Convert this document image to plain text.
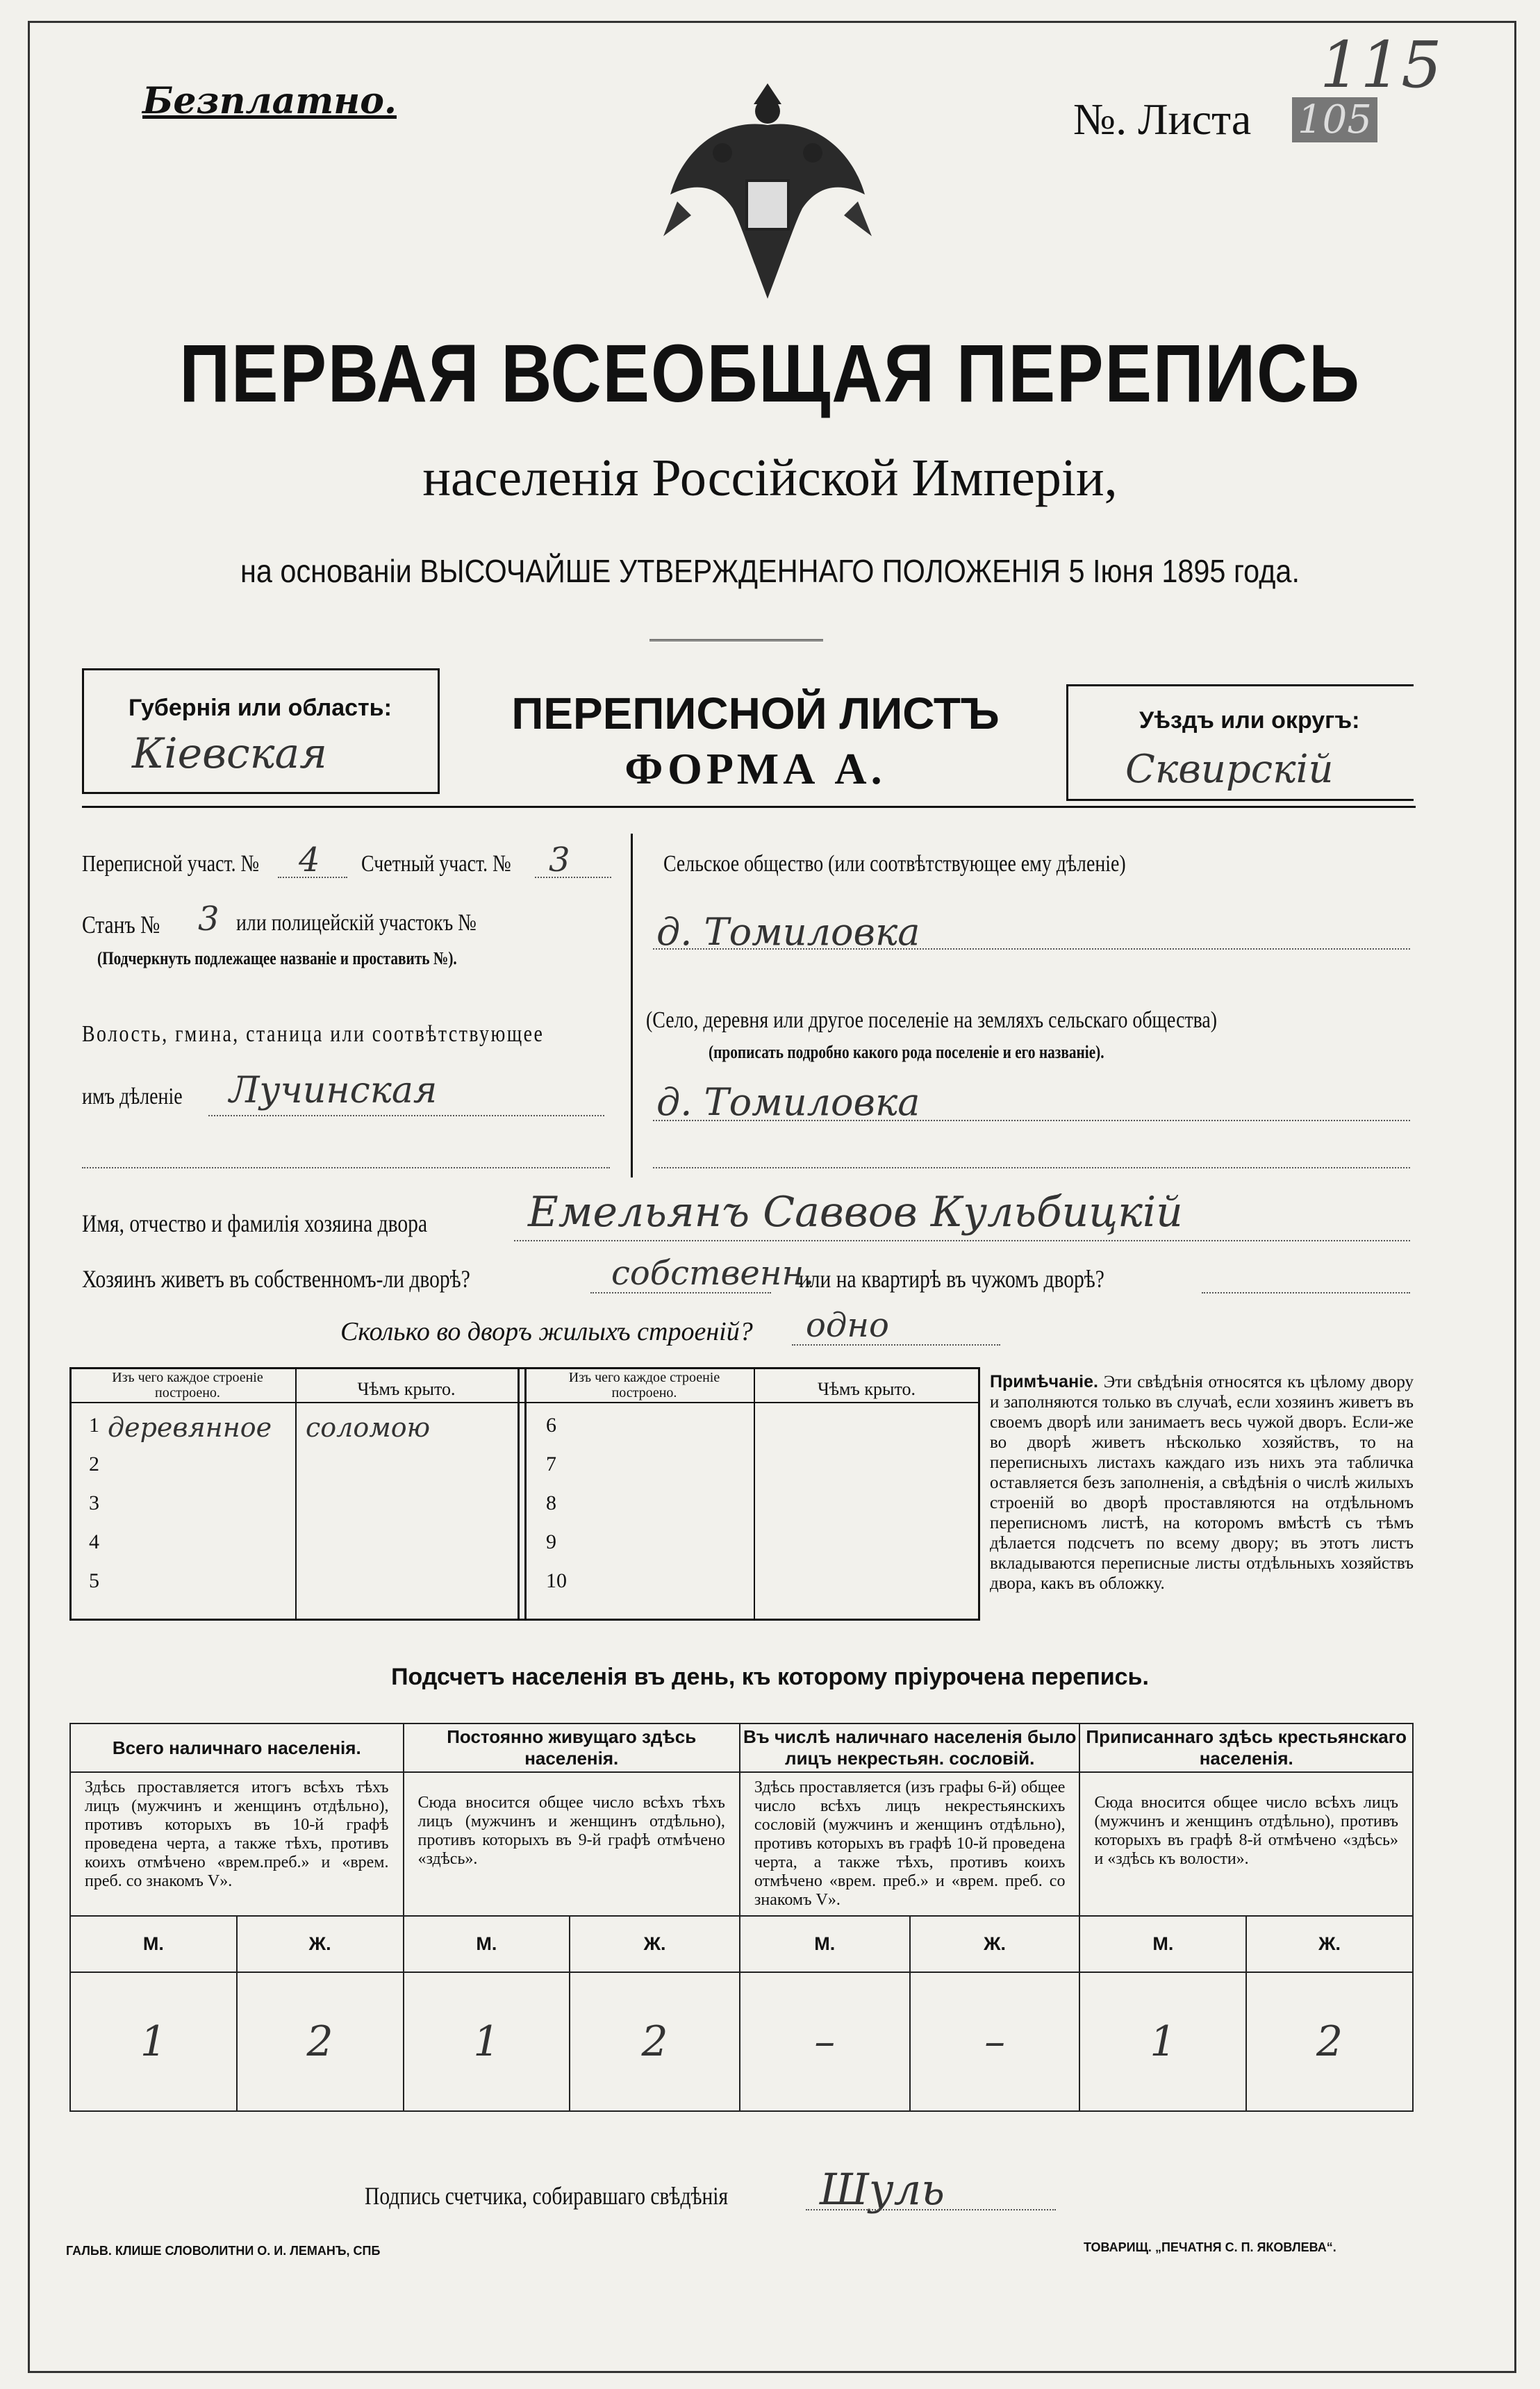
Безплатно.	№. Листа 105
115
ПЕРВАЯ ВСЕОБЩАЯ ПЕРЕПИСЬ
населенія Россійской Имперіи,
на основаніи ВЫСОЧАЙШЕ УТВЕРЖДЕННАГО ПОЛОЖЕНІЯ 5 Іюня 1895 года.
Губернія или область:
Кіевская
ПЕРЕПИСНОЙ ЛИСТЪ
ФОРМА А.
Уѣздъ или округъ:
Сквирскій
Переписной участ. № 4 Счетный участ. № 3
Станъ № 3 или полицейскій участокъ №
(Подчеркнуть подлежащее названіе и проставить №).
Волость, гмина, станица или соотвѣтствующее
имъ дѣленіе Лучинская
Сельское общество (или соотвѣтствующее ему дѣленіе)
д. Томиловка
(Село, деревня или другое поселеніе на земляхъ сельскаго общества)
(прописать подробно какого рода поселеніе и его названіе).
д. Томиловка
Имя, отчество и фамилія хозяина двора Емельянъ Саввов Кульбицкій
Хозяинъ живетъ въ собственномъ-ли дворѣ?	собственн.
или на квартирѣ въ чужомъ дворѣ?
Сколько во дворъ жилыхъ строеній? одно
Изъ чего каждое строеніе построено.	Чѣмъ крыто.
Изъ чего каждое строеніе построено.	Чѣмъ крыто.
1 деревянное соломою
2
3
4
5
6
7
8
9
10
Примѣчаніе. Эти свѣдѣнія относятся къ цѣлому двору и заполняются только въ случаѣ, если хозяинъ живетъ въ своемъ дворѣ или занимаетъ весь чужой дворъ. Если-же во дворѣ живетъ нѣсколько хозяйствъ, то на переписныхъ листахъ каждаго изъ нихъ эта табличка оставляется безъ заполненія, а свѣдѣнія о числѣ жилыхъ строеній во дворѣ проставляются на отдѣльномъ переписномъ листѣ, на которомъ вмѣстѣ съ тѣмъ дѣлается подсчетъ по всему двору; въ этотъ листъ вкладываются переписные листы отдѣльныхъ хозяйствъ двора, какъ въ обложку.
Подсчетъ населенія въ день, къ которому пріурочена перепись.
Всего наличнаго населенія.		Постоянно живущаго здѣсь населенія.		Въ числѣ наличнаго населенія было лицъ некрестьян. сословій.		Приписаннаго здѣсь крестьянскаго населенія.	
Здѣсь проставляется итогъ всѣхъ тѣхъ лицъ (мужчинъ и женщинъ отдѣльно), противъ которыхъ въ 10-й графѣ проведена черта, а также тѣхъ, противъ коихъ отмѣчено «врем.преб.» и «врем. преб. со знакомъ V».		Сюда вносится общее число всѣхъ тѣхъ лицъ (мужчинъ и женщинъ отдѣльно), противъ которыхъ въ 9-й графѣ отмѣчено «здѣсь».		Здѣсь проставляется (изъ графы 6-й) общее число всѣхъ лицъ некрестьянскихъ сословій (мужчинъ и женщинъ отдѣльно), противъ которыхъ въ графѣ 10-й проведена черта, а также тѣхъ, противъ коихъ отмѣчено «врем. преб.» и «врем. преб. со знакомъ V».		Сюда вносится общее число всѣхъ лицъ (мужчинъ и женщинъ отдѣльно), противъ которыхъ въ графѣ 8-й отмѣчено «здѣсь» и «здѣсь къ волости».	
М.	Ж.	М.	Ж.	М.	Ж.	М.	Ж.
1	2	1	2	–	–	1	2
Подпись счетчика, собиравшаго свѣдѣнія Шуль
ГАЛЬВ. КЛИШЕ СЛОВОЛИТНИ О. И. ЛЕМАНЪ, СПБ	ТОВАРИЩ. „ПЕЧАТНЯ С. П. ЯКОВЛЕВА“.
